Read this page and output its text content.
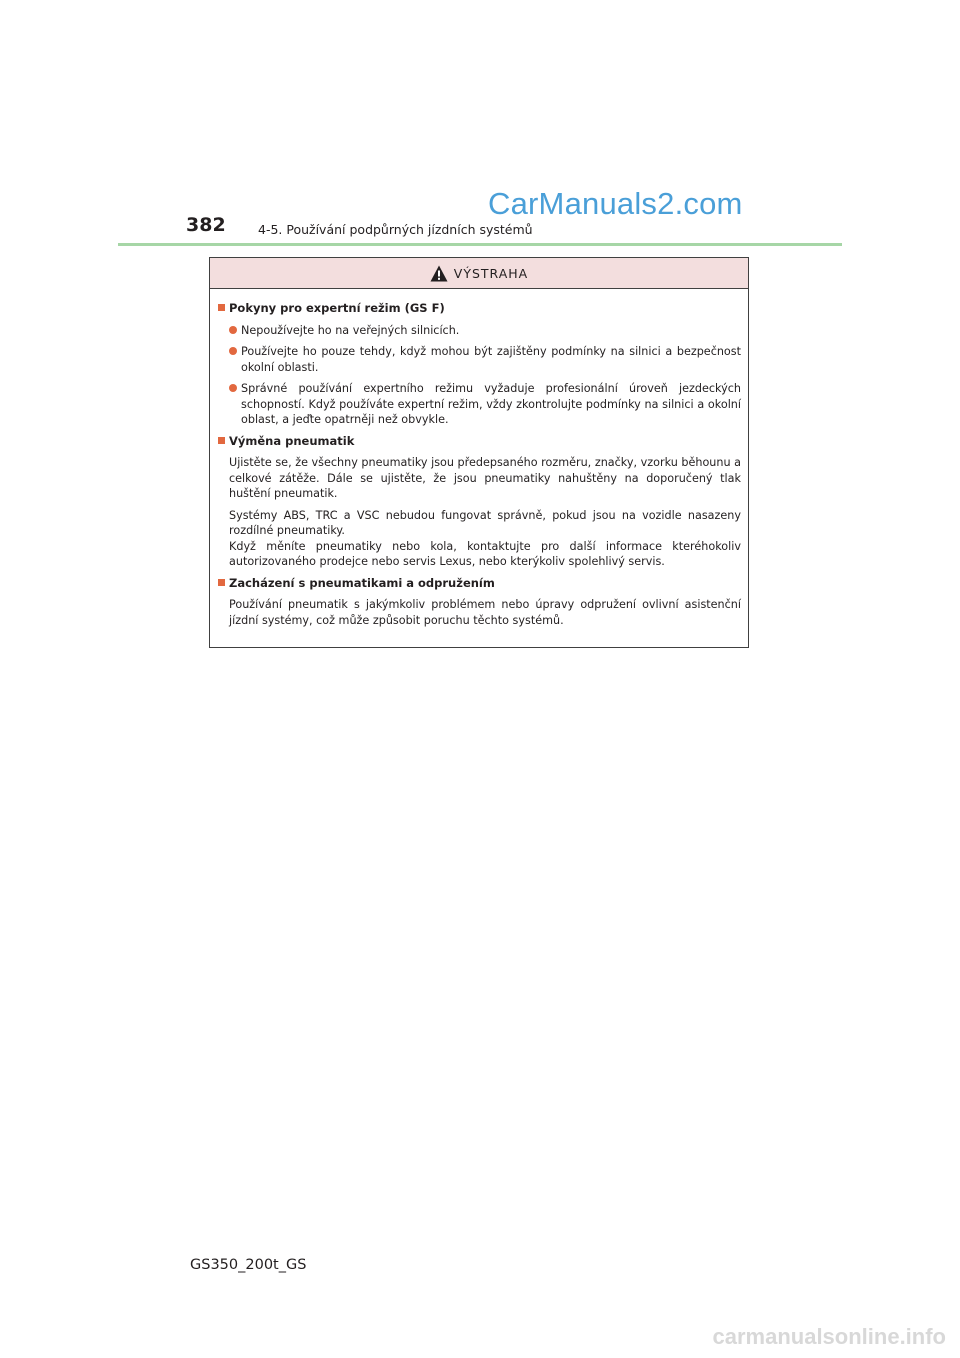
CarManuals2.com
382	4-5. Používání podpůrných jízdních systémů
VÝSTRAHA
Pokyny pro expertní režim (GS F)
Nepoužívejte ho na veřejných silnicích.
Používejte ho pouze tehdy, když mohou být zajištěny podmínky na silnici a bezpečnost okolní oblasti.
Správné používání expertního režimu vyžaduje profesionální úroveň jezdeckých schopností. Když používáte expertní režim, vždy zkontrolujte podmínky na silnici a okolní oblast, a jeďte opatrněji než obvykle.
Výměna pneumatik
Ujistěte se, že všechny pneumatiky jsou předepsaného rozměru, značky, vzorku běhounu a celkové zátěže. Dále se ujistěte, že jsou pneumatiky nahuštěny na doporučený tlak huštění pneumatik.
Systémy ABS, TRC a VSC nebudou fungovat správně, pokud jsou na vozidle nasazeny rozdílné pneumatiky.
Když měníte pneumatiky nebo kola, kontaktujte pro další informace kteréhokoliv autorizovaného prodejce nebo servis Lexus, nebo kterýkoliv spolehlivý servis.
Zacházení s pneumatikami a odpružením
Používání pneumatik s jakýmkoliv problémem nebo úpravy odpružení ovlivní asistenční jízdní systémy, což může způsobit poruchu těchto systémů.
GS350_200t_GS
carmanualsonline.info
